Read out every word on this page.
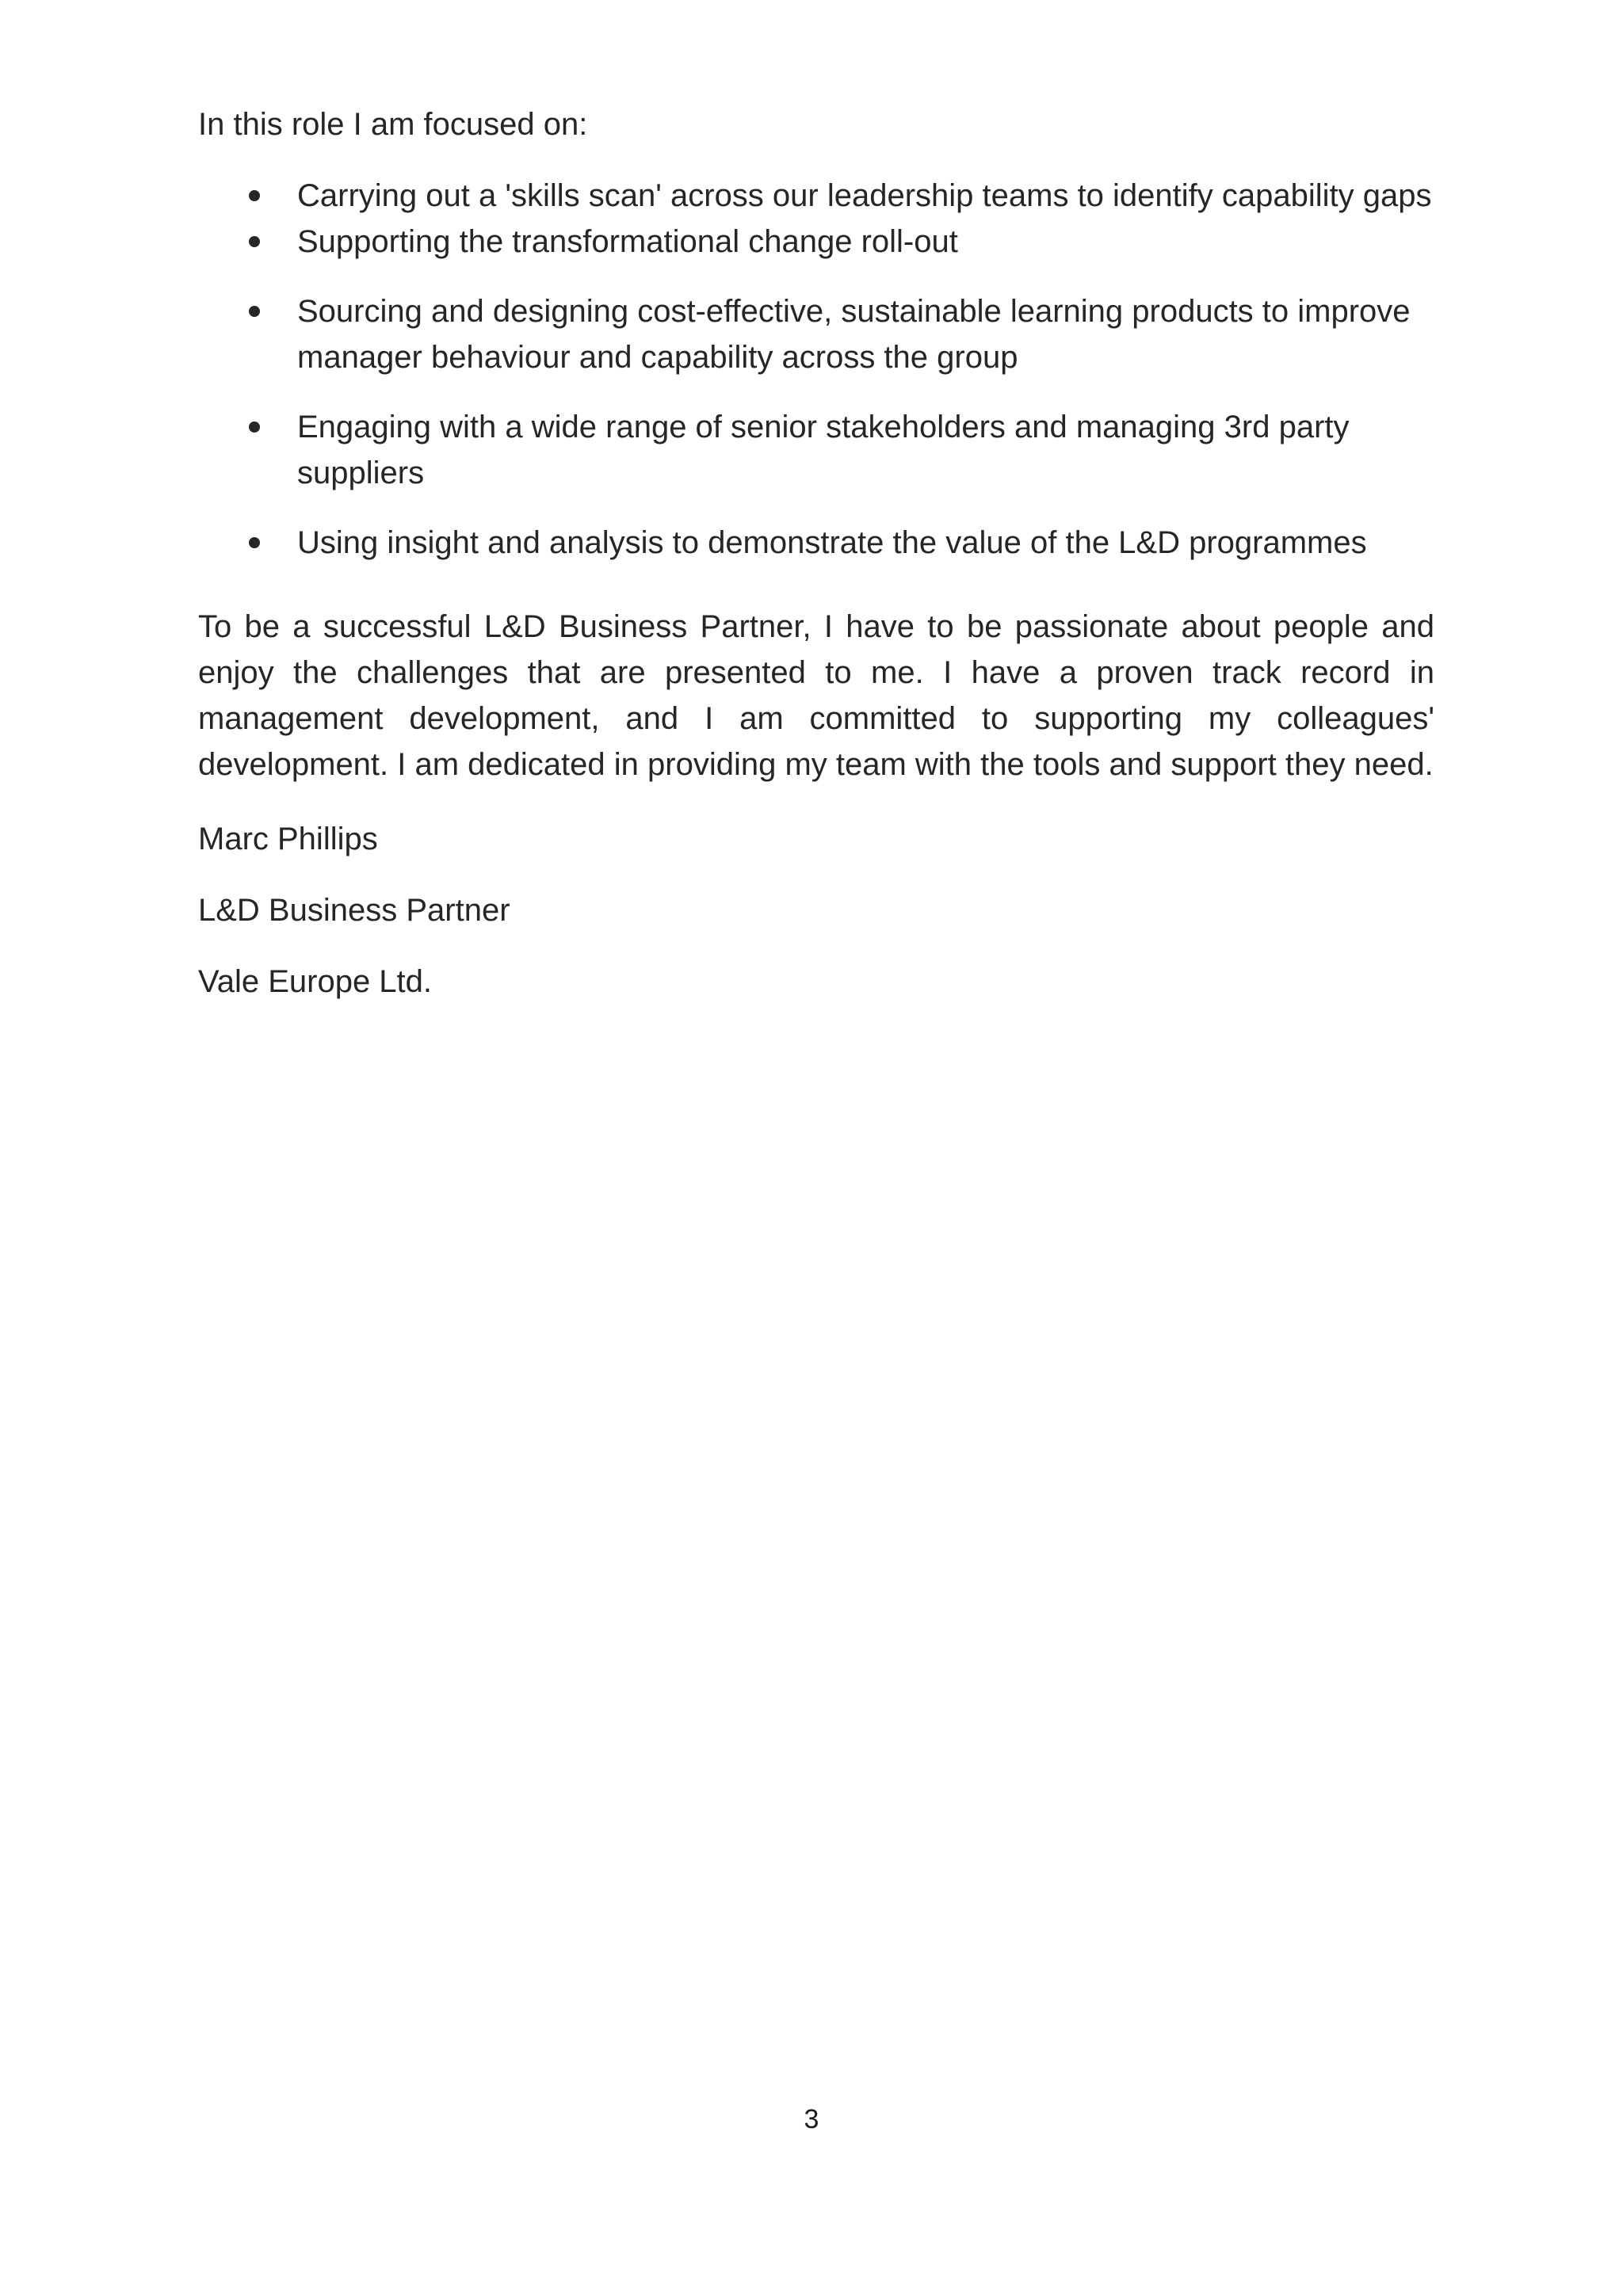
In this role I am focused on:

Carrying out a 'skills scan' across our leadership teams to identify capability gaps
Supporting the transformational change roll-out
Sourcing and designing cost-effective, sustainable learning products to improve manager behaviour and capability across the group
Engaging with a wide range of senior stakeholders and managing 3rd party suppliers
Using insight and analysis to demonstrate the value of the L&D programmes

To be a successful L&D Business Partner, I have to be passionate about people and enjoy the challenges that are presented to me. I have a proven track record in management development, and I am committed to supporting my colleagues' development. I am dedicated in providing my team with the tools and support they need.

Marc Phillips

L&D Business Partner

Vale Europe Ltd.

3
